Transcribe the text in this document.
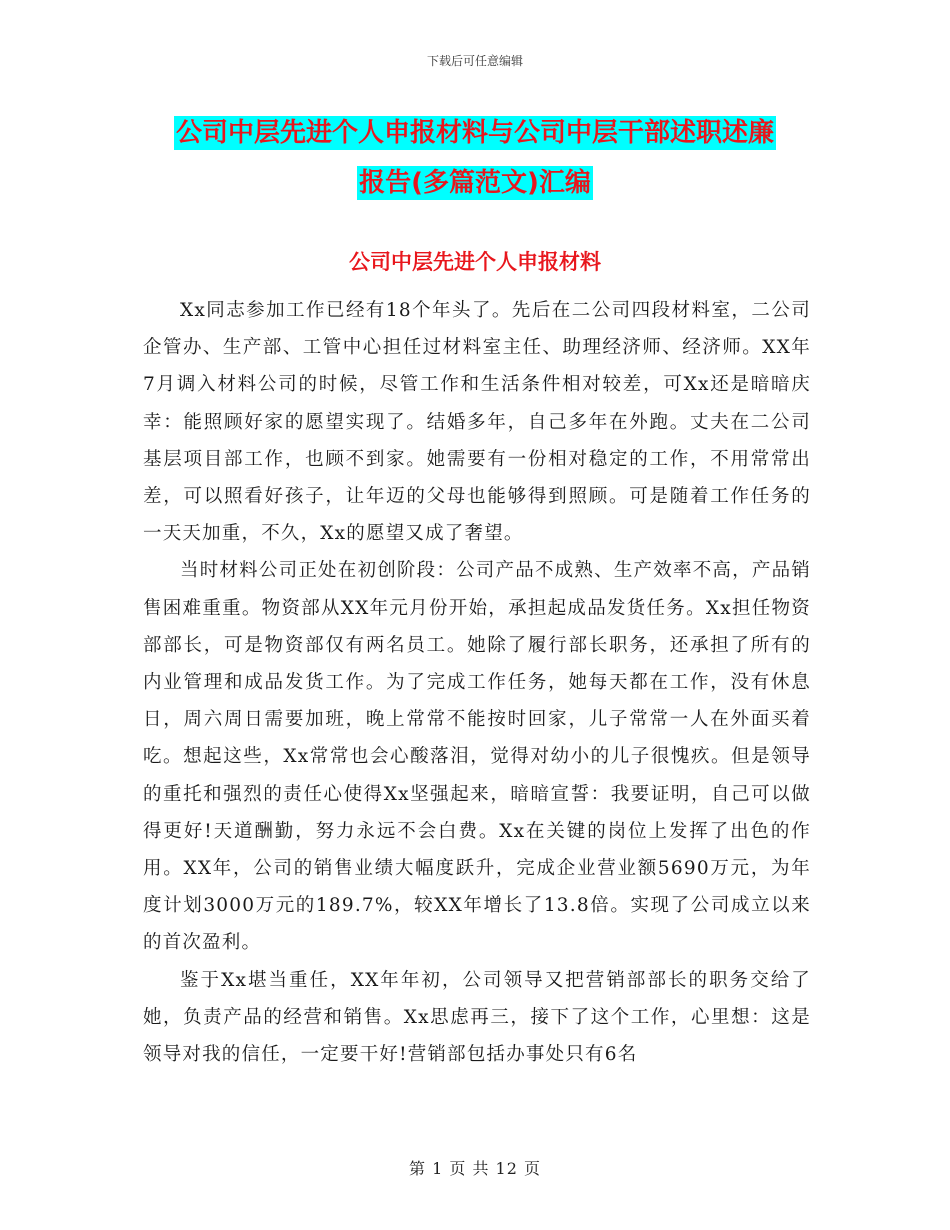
下载后可任意编辑
公司中层先进个人申报材料与公司中层干部述职述廉
报告(多篇范文)汇编
公司中层先进个人申报材料

Xx同志参加工作已经有18个年头了。先后在二公司四段材料室，二公司企管办、生产部、工管中心担任过材料室主任、助理经济师、经济师。XX年7月调入材料公司的时候，尽管工作和生活条件相对较差，可Xx还是暗暗庆幸：能照顾好家的愿望实现了。结婚多年，自己多年在外跑。丈夫在二公司基层项目部工作，也顾不到家。她需要有一份相对稳定的工作，不用常常出差，可以照看好孩子，让年迈的父母也能够得到照顾。可是随着工作任务的一天天加重，不久，Xx的愿望又成了奢望。

当时材料公司正处在初创阶段：公司产品不成熟、生产效率不高，产品销售困难重重。物资部从XX年元月份开始，承担起成品发货任务。Xx担任物资部部长，可是物资部仅有两名员工。她除了履行部长职务，还承担了所有的内业管理和成品发货工作。为了完成工作任务，她每天都在工作，没有休息日，周六周日需要加班，晚上常常不能按时回家，儿子常常一人在外面买着吃。想起这些，Xx常常也会心酸落泪，觉得对幼小的儿子很愧疚。但是领导的重托和强烈的责任心使得Xx坚强起来，暗暗宣誓：我要证明，自己可以做得更好!天道酬勤，努力永远不会白费。Xx在关键的岗位上发挥了出色的作用。XX年，公司的销售业绩大幅度跃升，完成企业营业额5690万元，为年度计划3000万元的189.7%，较XX年增长了13.8倍。实现了公司成立以来的首次盈利。

鉴于Xx堪当重任，XX年年初，公司领导又把营销部部长的职务交给了她，负责产品的经营和销售。Xx思虑再三，接下了这个工作，心里想：这是领导对我的信任，一定要干好!营销部包括办事处只有6名

第 1 页 共 12 页
